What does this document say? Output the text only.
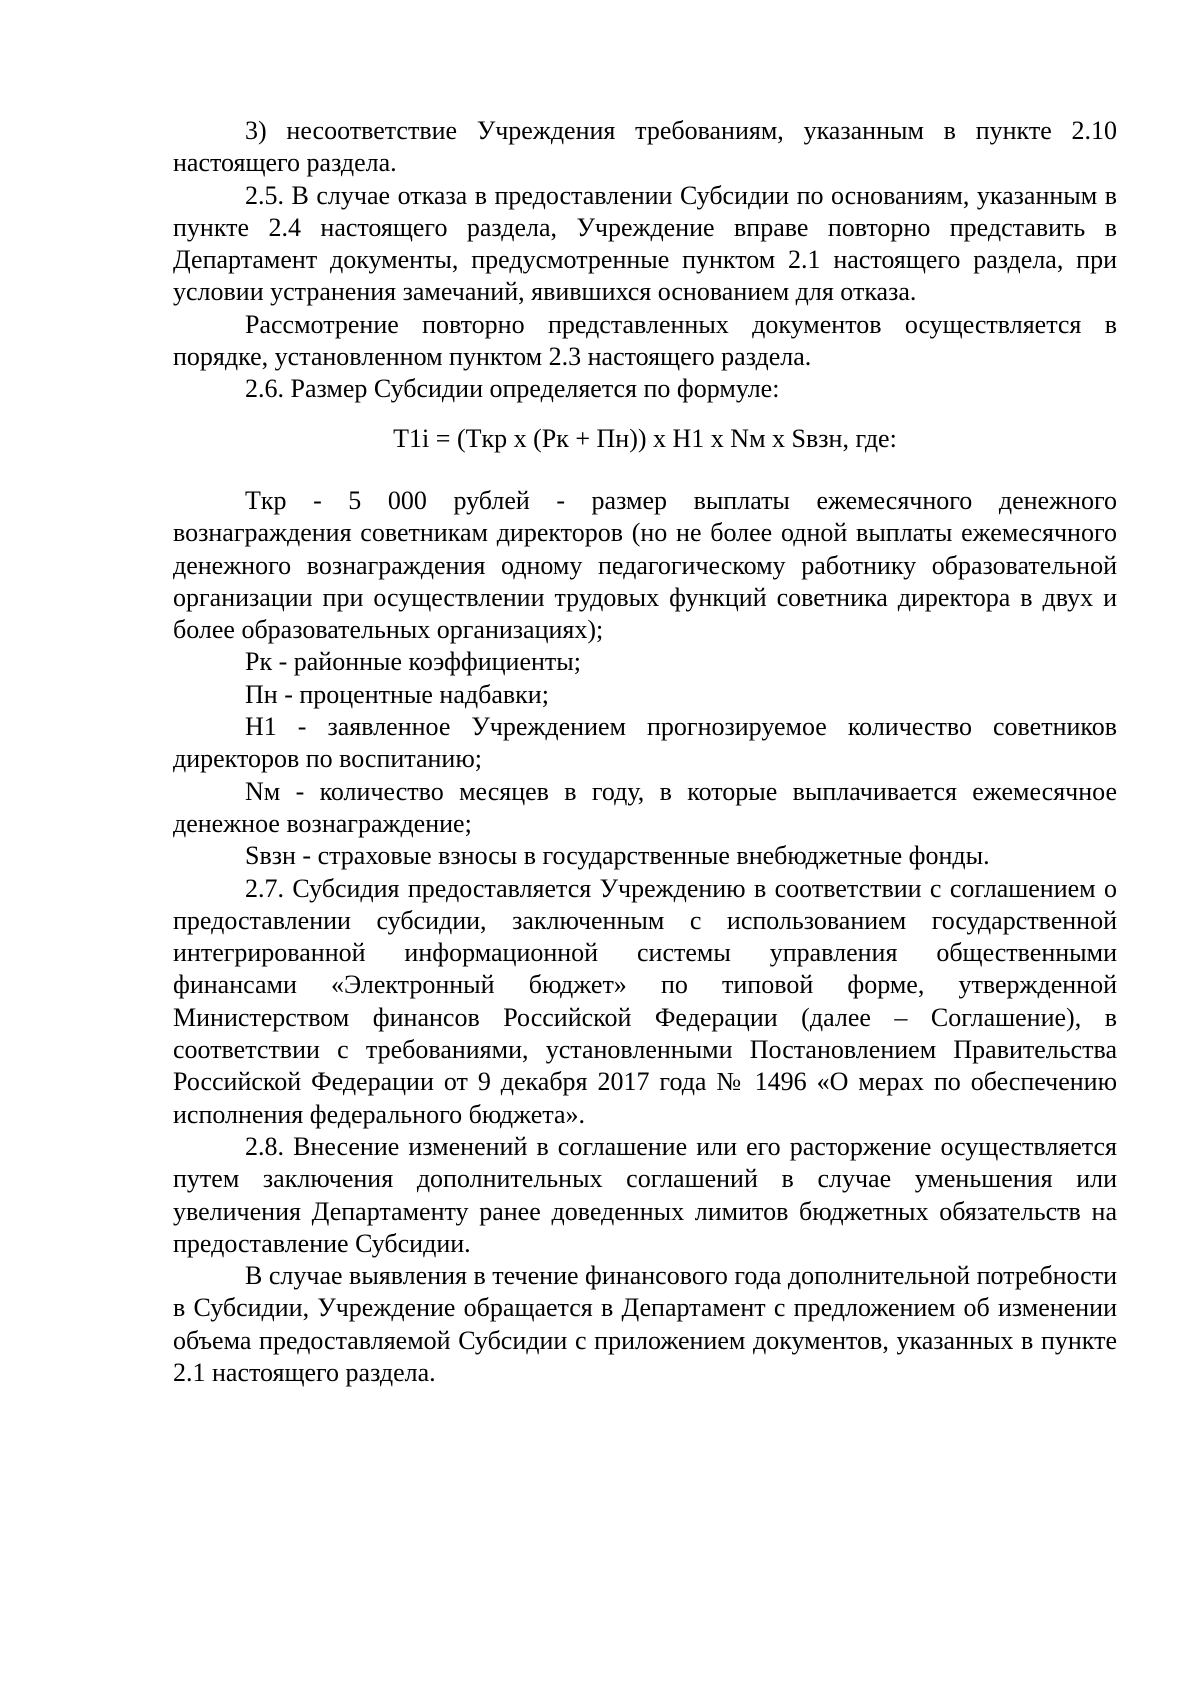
3) несоответствие Учреждения требованиям, указанным в пункте 2.10 настоящего раздела.

2.5. В случае отказа в предоставлении Субсидии по основаниям, указанным в пункте 2.4 настоящего раздела, Учреждение вправе повторно представить в Департамент документы, предусмотренные пунктом 2.1 настоящего раздела, при условии устранения замечаний, явившихся основанием для отказа.

Рассмотрение повторно представленных документов осуществляется в порядке, установленном пунктом 2.3 настоящего раздела.

2.6. Размер Субсидии определяется по формуле:

T1i = (Tкр x (Pк + Пн)) x H1 x Nм x Sвзн, где:

Tкр - 5 000 рублей - размер выплаты ежемесячного денежного вознаграждения советникам директоров (но не более одной выплаты ежемесячного денежного вознаграждения одному педагогическому работнику образовательной организации при осуществлении трудовых функций советника директора в двух и более образовательных организациях);

Pк - районные коэффициенты;

Пн - процентные надбавки;

H1 - заявленное Учреждением прогнозируемое количество советников директоров по воспитанию;

Nм - количество месяцев в году, в которые выплачивается ежемесячное денежное вознаграждение;

Sвзн - страховые взносы в государственные внебюджетные фонды.

2.7. Субсидия предоставляется Учреждению в соответствии с соглашением о предоставлении субсидии, заключенным с использованием государственной интегрированной информационной системы управления общественными финансами «Электронный бюджет» по типовой форме, утвержденной Министерством финансов Российской Федерации (далее – Соглашение), в соответствии с требованиями, установленными Постановлением Правительства Российской Федерации от 9 декабря 2017 года № 1496 «О мерах по обеспечению исполнения федерального бюджета».

2.8. Внесение изменений в соглашение или его расторжение осуществляется путем заключения дополнительных соглашений в случае уменьшения или увеличения Департаменту ранее доведенных лимитов бюджетных обязательств на предоставление Субсидии.

В случае выявления в течение финансового года дополнительной потребности в Субсидии, Учреждение обращается в Департамент с предложением об изменении объема предоставляемой Субсидии с приложением документов, указанных в пункте 2.1 настоящего раздела.
